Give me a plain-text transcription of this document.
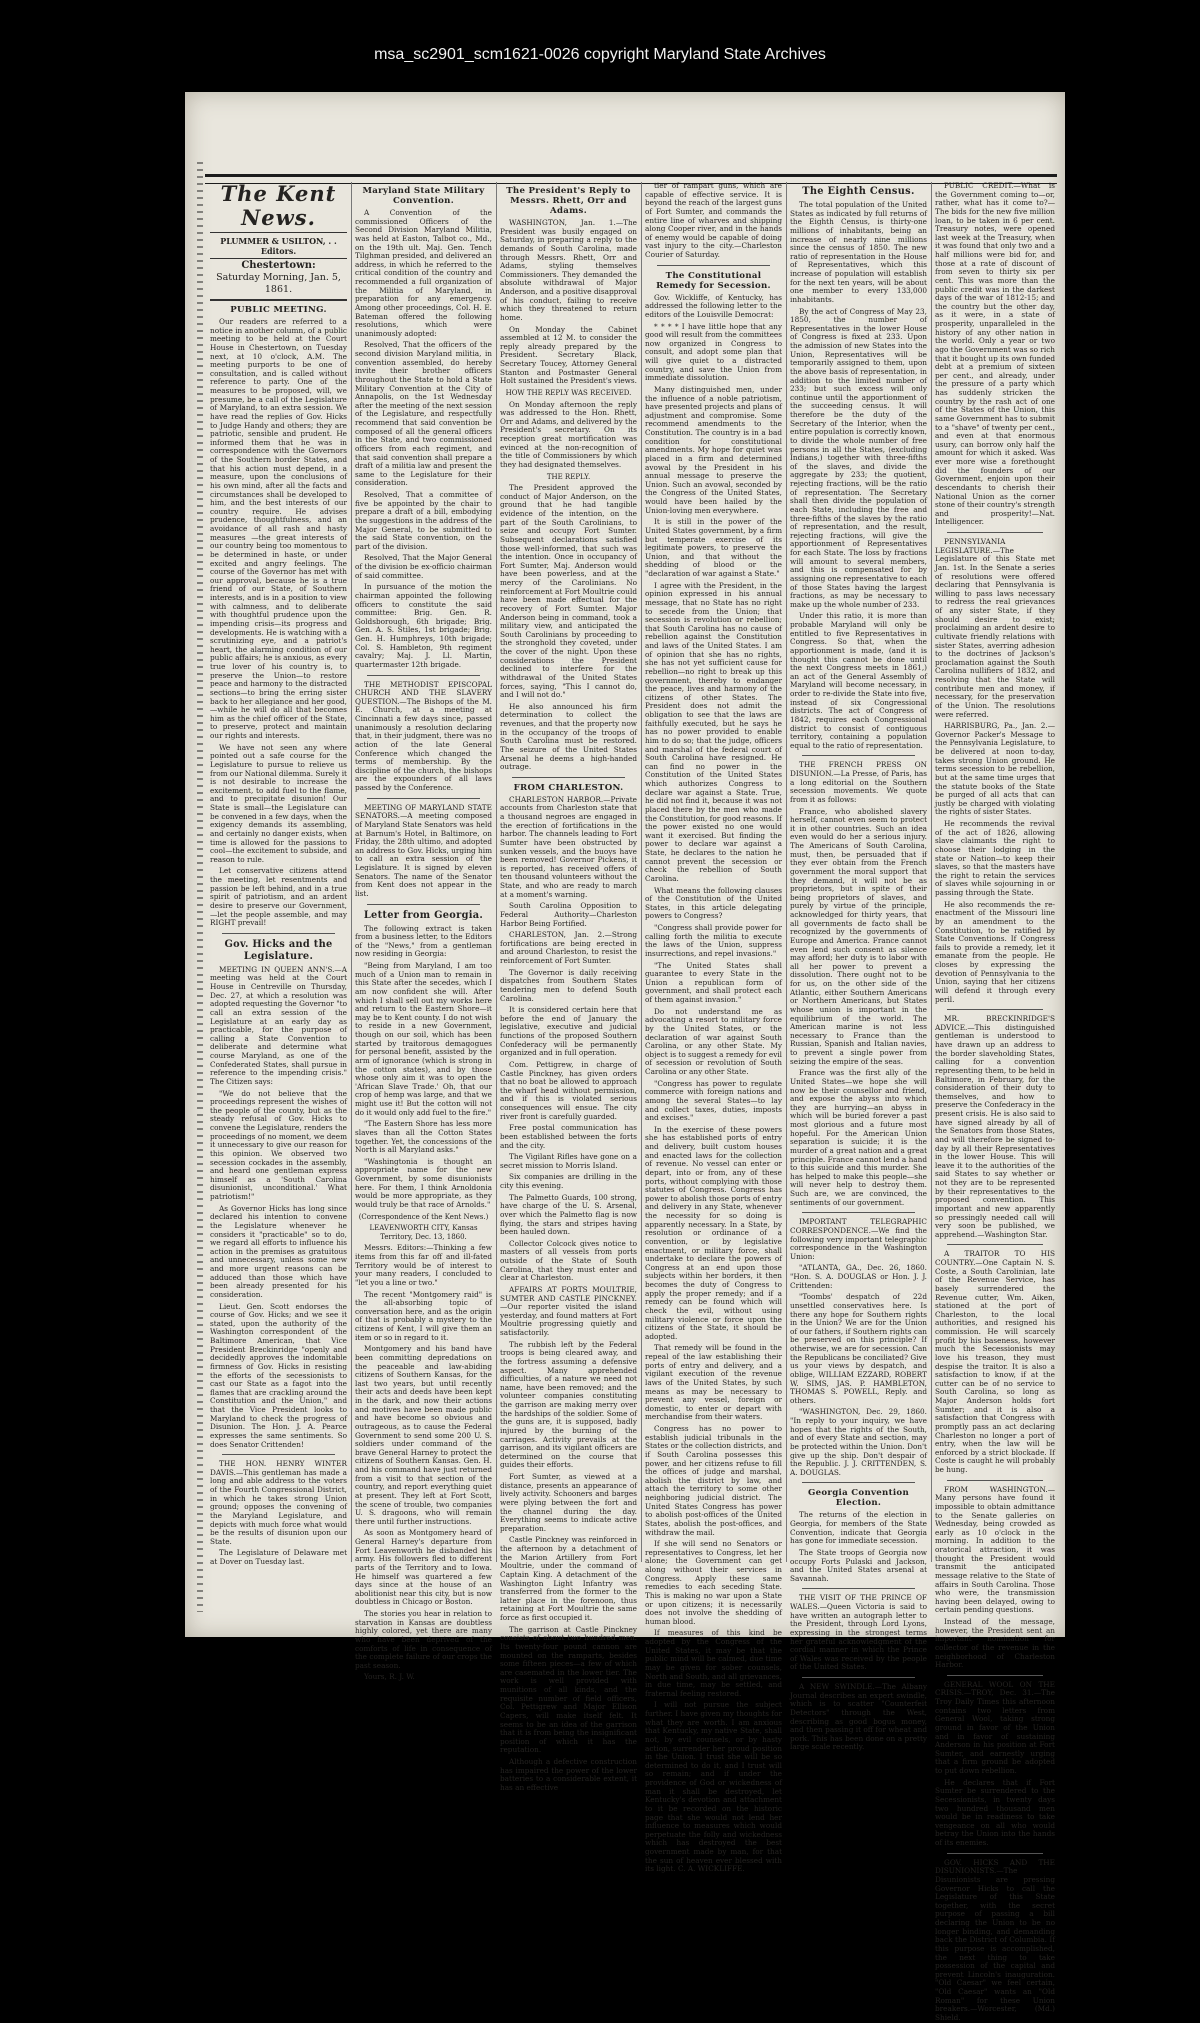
msa_sc2901_scm1621-0026 copyright Maryland State Archives
The Kent News.
PLUMMER & USILTON, . . Editors.
Chestertown:
Saturday Morning, Jan. 5, 1861.
PUBLIC MEETING.
Our readers are referred to a notice in another column, of a public meeting to be held at the Court House in Chestertown, on Tuesday next, at 10 o'clock, A.M. The meeting purports to be one of consultation, and is called without reference to party. One of the measures to be proposed, will, we presume, be a call of the Legislature of Maryland, to an extra session. We have read the replies of Gov. Hicks to Judge Handy and others; they are patriotic, sensible and prudent. He informed them that he was in correspondence with the Governors of the Southern border States, and that his action must depend, in a measure, upon the conclusions of his own mind, after all the facts and circumstances shall be developed to him, and the best interests of our country require. He advises prudence, thoughtfulness, and an avoidance of all rash and hasty measures —the great interests of our country being too momentous to be determined in haste, or under excited and angry feelings. The course of the Governor has met with our approval, because he is a true friend of our State, of Southern interests, and is in a position to view with calmness, and to deliberate with thoughtful prudence upon the impending crisis—its progress and developments. He is watching with a scrutinizing eye, and a patriot's heart, the alarming condition of our public affairs; he is anxious, as every true lover of his country is, to preserve the Union—to restore peace and harmony to the distracted sections—to bring the erring sister back to her allegiance and her good,—while he will do all that becomes him as the chief officer of the State, to preserve, protect and maintain our rights and interests.
We have not seen any where pointed out a safe course for the Legislature to pursue to relieve us from our National dilemma. Surely it is not desirable to increase the excitement, to add fuel to the flame, and to precipitate disunion! Our State is small—the Legislature can be convened in a few days, when the exigency demands its assembling, and certainly no danger exists, when time is allowed for the passions to cool—the excitement to subside, and reason to rule.
Let conservative citizens attend the meeting, let resentments and passion be left behind, and in a true spirit of patriotism, and an ardent desire to preserve our Government,—let the people assemble, and may RIGHT prevail!
Gov. Hicks and the Legislature.
MEETING IN QUEEN ANN'S.—A meeting was held at the Court House in Centreville on Thursday, Dec. 27, at which a resolution was adopted requesting the Governor "to call an extra session of the Legislature at an early day as practicable, for the purpose of calling a State Convention to deliberate and determine what course Maryland, as one of the Confederated States, shall pursue in reference to the impending crisis." The Citizen says:
"We do not believe that the proceedings represent the wishes of the people of the county, but as the steady refusal of Gov. Hicks to convene the Legislature, renders the proceedings of no moment, we deem it unnecessary to give our reason for this opinion. We observed two secession cockades in the assembly, and heard one gentleman express himself as a 'South Carolina disunionist, unconditional.' What patriotism!"
As Governor Hicks has long since declared his intention to convene the Legislature whenever he considers it "practicable" so to do, we regard all efforts to influence his action in the premises as gratuitous and unnecessary, unless some new and more urgent reasons can be adduced than those which have been already presented for his consideration.
Lieut. Gen. Scott endorses the course of Gov. Hicks; and we see it stated, upon the authority of the Washington correspondent of the Baltimore American, that Vice President Breckinridge "openly and decidedly approves the indomitable firmness of Gov. Hicks in resisting the efforts of the secessionists to cast our State as a fagot into the flames that are crackling around the Constitution and the Union," and that the Vice President looks to Maryland to check the progress of Disunion. The Hon. J. A. Pearce expresses the same sentiments. So does Senator Crittenden!
THE HON. HENRY WINTER DAVIS.—This gentleman has made a long and able address to the voters of the Fourth Congressional District, in which he takes strong Union ground; opposes the convening of the Maryland Legislature, and depicts with much force what would be the results of disunion upon our State.
The Legislature of Delaware met at Dover on Tuesday last.
Maryland State Military Convention.
A Convention of the commissioned Officers of the Second Division Maryland Militia, was held at Easton, Talbot co., Md., on the 19th ult. Maj. Gen. Tench Tilghman presided, and delivered an address, in which he referred to the critical condition of the country and recommended a full organization of the Militia of Maryland, in preparation for any emergency. Among other proceedings, Col. H. E. Bateman offered the following resolutions, which were unanimously adopted:
Resolved, That the officers of the second division Maryland militia, in convention assembled, do hereby invite their brother officers throughout the State to hold a State Military Convention at the City of Annapolis, on the 1st Wednesday after the meeting of the next session of the Legislature, and respectfully recommend that said convention be composed of all the general officers in the State, and two commissioned officers from each regiment, and that said convention shall prepare a draft of a militia law and present the same to the Legislature for their consideration.
Resolved, That a committee of five be appointed by the chair to prepare a draft of a bill, embodying the suggestions in the address of the Major General, to be submitted to the said State convention, on the part of the division.
Resolved, That the Major General of the division be ex-officio chairman of said committee.
In pursuance of the motion the chairman appointed the following officers to constitute the said committee: Brig. Gen. R. Goldsborough, 6th brigade; Brig. Gen. A. S. Stiles, 1st brigade; Brig. Gen. H. Humphreys, 10th brigade; Col. S. Hambleton, 9th regiment cavalry; Maj. J. Ll. Martin, quartermaster 12th brigade.
THE METHODIST EPISCOPAL CHURCH AND THE SLAVERY QUESTION.—The Bishops of the M. E. Church, at a meeting at Cincinnati a few days since, passed unanimously a resolution declaring that, in their judgment, there was no action of the late General Conference which changed the terms of membership. By the discipline of the church, the bishops are the expounders of all laws passed by the Conference.
MEETING OF MARYLAND STATE SENATORS.—A meeting composed of Maryland State Senators was held at Barnum's Hotel, in Baltimore, on Friday, the 28th ultimo, and adopted an address to Gov. Hicks, urging him to call an extra session of the Legislature. It is signed by eleven Senators. The name of the Senator from Kent does not appear in the list.
Letter from Georgia.
The following extract is taken from a business letter, to the Editors of the "News," from a gentleman now residing in Georgia:
"Being from Maryland, I am too much of a Union man to remain in this State after the secedes, which I am now confident she will. After which I shall sell out my works here and return to the Eastern Shore—it may be to Kent county. I do not wish to reside in a new Government, though on our soil, which has been started by traitorous demagogues for personal benefit, assisted by the arm of ignorance (which is strong in the cotton states), and by those whose only aim it was to open the 'African Slave Trade.' Oh, that our crop of hemp was large, and that we might use it! But the cotton will not do it would only add fuel to the fire."
"The Eastern Shore has less more slaves than all the Cotton States together. Yet, the concessions of the North is all Maryland asks."
"Washingtonia is thought an appropriate name for the new Government, by some disunionists here. For them, I think Arnoldonia would be more appropriate, as they would truly be that race of Arnolds."
(Correspondence of the Kent News.)
LEAVENWORTH CITY, Kansas Territory, Dec. 13, 1860.
Messrs. Editors:—Thinking a few items from this far off and ill-fated Territory would be of interest to your many readers, I concluded to "let you a line or two."
The recent "Montgomery raid" is the all-absorbing topic of conversation here, and as the origin of that is probably a mystery to the citizens of Kent, I will give them an item or so in regard to it.
Montgomery and his band have been committing depredations on the peaceable and law-abiding citizens of Southern Kansas, for the last two years, but until recently their acts and deeds have been kept in the dark, and now their actions and motives have been made public and have become so obvious and outrageous, as to cause the Federal Government to send some 200 U. S. soldiers under command of the brave General Harney to protect the citizens of Southern Kansas. Gen. H. and his command have just returned from a visit to that section of the country, and report everything quiet at present. They left at Fort Scott, the scene of trouble, two companies U. S. dragoons, who will remain there until further instructions.
As soon as Montgomery heard of General Harney's departure from Fort Leavenworth he disbanded his army. His followers fled to different parts of the Territory and to Iowa. He himself was quartered a few days since at the house of an abolitionist near this city, but is now doubtless in Chicago or Boston.
The stories you hear in relation to starvation in Kansas are doubtless highly colored, yet there are many who have been deprived of the comforts of life in consequence of the complete failure of our crops the past season.
Yours, R. J. W.
The President's Reply to Messrs. Rhett, Orr and Adams.
WASHINGTON, Jan. 1.—The President was busily engaged on Saturday, in preparing a reply to the demands of South Carolina, made through Messrs. Rhett, Orr and Adams, styling themselves Commissioners. They demanded the absolute withdrawal of Major Anderson, and a positive disapproval of his conduct, failing to receive which they threatened to return home.
On Monday the Cabinet assembled at 12 M. to consider the reply already prepared by the President. Secretary Black, Secretary Toucey, Attorney General Stanton and Postmaster General Holt sustained the President's views.
HOW THE REPLY WAS RECEIVED.
On Monday afternoon the reply was addressed to the Hon. Rhett, Orr and Adams, and delivered by the President's secretary. On its reception great mortification was evinced at the non-recognition of the title of Commissioners by which they had designated themselves.
THE REPLY.
The President approved the conduct of Major Anderson, on the ground that he had tangible evidence of the intention, on the part of the South Carolinians, to seize and occupy Fort Sumter. Subsequent declarations satisfied those well-informed, that such was the intention. Once in occupancy of Fort Sumter, Maj. Anderson would have been powerless, and at the mercy of the Carolinians. No reinforcement at Fort Moultrie could have been made effectual for the recovery of Fort Sumter. Major Anderson being in command, took a military view, and anticipated the South Carolinians by proceeding to the stronghold they coveted, under the cover of the night. Upon these considerations the President declined to interfere for the withdrawal of the United States forces, saying, "This I cannot do, and I will not do."
He also announced his firm determination to collect the revenues, and that the property now in the occupancy of the troops of South Carolina must be restored. The seizure of the United States Arsenal he deems a high-handed outrage.
FROM CHARLESTON.
CHARLESTON HARBOR.—Private accounts from Charleston state that a thousand negroes are engaged in the erection of fortifications in the harbor. The channels leading to Fort Sumter have been obstructed by sunken vessels, and the buoys have been removed! Governor Pickens, it is reported, has received offers of ten thousand volunteers without the State, and who are ready to march at a moment's warning.
South Carolina Opposition to Federal Authority—Charleston Harbor Being Fortified.
CHARLESTON, Jan. 2.—Strong fortifications are being erected in and around Charleston, to resist the reinforcement of Fort Sumter.
The Governor is daily receiving dispatches from Southern States tendering men to defend South Carolina.
It is considered certain here that before the end of January the legislative, executive and judicial functions of the proposed Southern Confederacy will be permanently organized and in full operation.
Com. Pettigrew, in charge of Castle Pinckney, has given orders that no boat be allowed to approach the wharf head without permission, and if this is violated serious consequences will ensue. The city river front is carefully guarded.
Free postal communication has been established between the forts and the city.
The Vigilant Rifles have gone on a secret mission to Morris Island.
Six companies are drilling in the city this evening.
The Palmetto Guards, 100 strong, have charge of the U. S. Arsenal, over which the Palmetto flag is now flying, the stars and stripes having been hauled down.
Collector Colcock gives notice to masters of all vessels from ports outside of the State of South Carolina, that they must enter and clear at Charleston.
AFFAIRS AT FORTS MOULTRIE, SUMTER AND CASTLE PINCKNEY.—Our reporter visited the island yesterday, and found matters at Fort Moultrie progressing quietly and satisfactorily.
The rubbish left by the Federal troops is being cleared away, and the fortress assuming a defensive aspect. Many apprehended difficulties, of a nature we need not name, have been removed; and the volunteer companies constituting the garrison are making merry over the hardships of the soldier. Some of the guns are, it is supposed, badly injured by the burning of the carriages. Activity prevails at the garrison, and its vigilant officers are determined on the course that guides their efforts.
Fort Sumter, as viewed at a distance, presents an appearance of lively activity. Schooners and barges were plying between the fort and the channel during the day. Everything seems to indicate active preparation.
Castle Pinckney was reinforced in the afternoon by a detachment of the Marion Artillery from Fort Moultrie, under the command of Captain King. A detachment of the Washington Light Infantry was transferred from the former to the latter place in the forenoon, thus retaining at Fort Moultrie the same force as first occupied it.
The garrison at Castle Pinckney consists of about two hundred men. Its twenty-four pound cannon are mounted on the ramparts, besides some fifteen pieces—a few of which are casemated in the lower tier. The work is well provided with munitions of all kinds, and the requisite number of field officers, Col. Pettigrew and Major Ellison Capers, will make itself felt. It seems to be an idea of the garrison that it is from being the insignificant position of which it has the reputation.
Although a defective construction has impaired the power of the lower batteries to a considerable extent, it has an effective
tier of rampart guns, which are capable of effective service. It is beyond the reach of the largest guns of Fort Sumter, and commands the entire line of wharves and shipping along Cooper river, and in the hands of enemy would be capable of doing vast injury to the city.—Charleston Courier of Saturday.
The Constitutional Remedy for Secession.
Gov. Wickliffe, of Kentucky, has addressed the following letter to the editors of the Louisville Democrat:
* * * * I have little hope that any good will result from the committees now organized in Congress to consult, and adopt some plan that will give quiet to a distracted country, and save the Union from immediate dissolution.
Many distinguished men, under the influence of a noble patriotism, have presented projects and plans of adjustment and compromise. Some recommend amendments to the Constitution. The country is in a bad condition for constitutional amendments. My hope for quiet was placed in a firm and determined avowal by the President in his annual message to preserve the Union. Such an avowal, seconded by the Congress of the United States, would have been hailed by the Union-loving men everywhere.
It is still in the power of the United States government, by a firm but temperate exercise of its legitimate powers, to preserve the Union, and that without the shedding of blood or the "declaration of war against a State."
I agree with the President, in the opinion expressed in his annual message, that no State has no right to secede from the Union; that secession is revolution or rebellion; that South Carolina has no cause of rebellion against the Constitution and laws of the United States. I am of opinion that she has no rights, she has not yet sufficient cause for rebellion—no right to break up this government, thereby to endanger the peace, lives and harmony of the citizens of other States. The President does not admit the obligation to see that the laws are faithfully executed, but he says he has no power provided to enable him to do so; that the judge, officers and marshal of the federal court of South Carolina have resigned. He can find no power in the Constitution of the United States which authorizes Congress to declare war against a State. True, he did not find it, because it was not placed there by the men who made the Constitution, for good reasons. If the power existed no one would want it exercised. But finding the power to declare war against a State, he declares to the nation he cannot prevent the secession or check the rebellion of South Carolina.
What means the following clauses of the Constitution of the United States, in this article delegating powers to Congress?
"Congress shall provide power for calling forth the militia to execute the laws of the Union, suppress insurrections, and repel invasions."
"The United States shall guarantee to every State in the Union a republican form of government, and shall protect each of them against invasion."
Do not understand me as advocating a resort to military force by the United States, or the declaration of war against South Carolina, or any other State. My object is to suggest a remedy for evil of secession or revolution of South Carolina or any other State.
"Congress has power to regulate commerce with foreign nations and among the several States—to lay and collect taxes, duties, imposts and excises."
In the exercise of these powers she has established ports of entry and delivery, built custom houses and enacted laws for the collection of revenue. No vessel can enter or depart, into or from, any of these ports, without complying with those statutes of Congress. Congress has power to abolish those ports of entry and delivery in any State, whenever the necessity for so doing is apparently necessary. In a State, by resolution or ordinance of a convention, or by legislative enactment, or military force, shall undertake to declare the powers of Congress at an end upon those subjects within her borders, it then becomes the duty of Congress to apply the proper remedy; and if a remedy can be found which will check the evil, without using military violence or force upon the citizens of the State, it should be adopted.
That remedy will be found in the repeal of the law establishing their ports of entry and delivery, and a vigilant execution of the revenue laws of the United States, by such means as may be necessary to prevent any vessel, foreign or domestic, to enter or depart with merchandise from their waters.
Congress has no power to establish judicial tribunals in the States or the collection districts, and if South Carolina possesses this power, and her citizens refuse to fill the offices of judge and marshal, abolish the district by law, and attach the territory to some other neighboring judicial district. The United States Congress has power to abolish post-offices of the United States, abolish the post-offices, and withdraw the mail.
If she will send no Senators or representatives to Congress, let her alone; the Government can get along without their services in Congress. Apply these same remedies to each seceding State. This is making no war upon a State or upon citizens; it is necessarily does not involve the shedding of human blood.
If measures of this kind be adopted by the Congress of the United States, it may be that the public mind will be calmed, due time may be given for sober counsels, North and South, and all grievances, in due time, may be settled, and fraternal feeling restored.
I will not pursue the subject further. I have given my thoughts for what they are worth. I am anxious that Kentucky, my native State, shall not, by evil counsels, or by hasty action, surrender her proud position in the Union. I trust she will be so determined to do it, and I trust will so remain; and if under the providence of God or wickedness of man it shall be destroyed, let Kentucky's devotion and attachment to it be recorded on the historic page that she would not lend her influence to measures which would perpetuate the folly and wickedness which has destroyed the best government made by man, for that the sun of heaven ever blessed with its light. C. A. WICKLIFFE.
The Eighth Census.
The total population of the United States as indicated by full returns of the Eighth Census, is thirty-one millions of inhabitants, being an increase of nearly nine millions since the census of 1850. The new ratio of representation in the House of Representatives, which this increase of population will establish for the next ten years, will be about one member to every 133,000 inhabitants.
By the act of Congress of May 23, 1850, the number of Representatives in the lower House of Congress is fixed at 233. Upon the admission of new States into the Union, Representatives will be temporarily assigned to them, upon the above basis of representation, in addition to the limited number of 233; but such excess will only continue until the apportionment of the succeeding census. It will therefore be the duty of the Secretary of the Interior, when the entire population is correctly known, to divide the whole number of free persons in all the States, (excluding Indians,) together with three-fifths of the slaves, and divide the aggregate by 233; the quotient, rejecting fractions, will be the ratio of representation. The Secretary shall then divide the population of each State, including the free and three-fifths of the slaves by the ratio of representation, and the result, rejecting fractions, will give the apportionment of Representatives for each State. The loss by fractions will amount to several members, and this is compensated for by assigning one representative to each of those States having the largest fractions, as may be necessary to make up the whole number of 233.
Under this ratio, it is more than probable Maryland will only be entitled to five Representatives in Congress. So that, when the apportionment is made, (and it is thought this cannot be done until the next Congress meets in 1861,) an act of the General Assembly of Maryland will become necessary, in order to re-divide the State into five, instead of six Congressional districts. The act of Congress of 1842, requires each Congressional district to consist of contiguous territory, containing a population equal to the ratio of representation.
THE FRENCH PRESS ON DISUNION.—La Presse, of Paris, has a long editorial on the Southern secession movements. We quote from it as follows:
France, who abolished slavery herself, cannot even seem to protect it in other countries. Such an idea even would do her a serious injury. The Americans of South Carolina, must, then, be persuaded that if they ever obtain from the French government the moral support that they demand, it will not be as proprietors, but in spite of their being proprietors of slaves, and purely by virtue of the principle, acknowledged for thirty years, that all governments de facto shall be recognized by the governments of Europe and America. France cannot even lend such consent as silence may afford; her duty is to labor with all her power to prevent a dissolution. There ought not to be for us, on the other side of the Atlantic, either Southern Americans or Northern Americans, but States whose union is important in the equilibrium of the world. The American marine is not less necessary to France than the Russian, Spanish and Italian navies, to prevent a single power from seizing the empire of the seas.
France was the first ally of the United States—we hope she will now be their counsellor and friend, and expose the abyss into which they are hurrying—an abyss in which will be buried forever a past most glorious and a future most hopeful. For the American Union separation is suicide; it is the murder of a great nation and a great principle. France cannot lend a hand to this suicide and this murder. She has helped to make this people—she will never help to destroy them. Such are, we are convinced, the sentiments of our government.
IMPORTANT TELEGRAPHIC CORRESPONDENCE.—We find the following very important telegraphic correspondence in the Washington Union:
"ATLANTA, GA., Dec. 26, 1860. "Hon. S. A. DOUGLAS or Hon. J. J. Crittenden:
"Toombs' despatch of 22d unsettled conservatives here. Is there any hope for Southern rights in the Union? We are for the Union of our fathers, if Southern rights can be preserved on this principle? If otherwise, we are for secession. Can the Republicans be conciliated? Give us your views by despatch, and oblige, WILLIAM EZZARD, ROBERT W. SIMS, JAS. P. HAMBLETON, THOMAS S. POWELL, Reply. and others.
"WASHINGTON, Dec. 29, 1860. "In reply to your inquiry, we have hopes that the rights of the South, and of every State and section, may be protected within the Union. Don't give up the ship. Don't despair of the Republic. J. J. CRITTENDEN, S. A. DOUGLAS.
Georgia Convention Election.
The returns of the election in Georgia, for members of the State Convention, indicate that Georgia has gone for immediate secession.
The State troops of Georgia now occupy Forts Pulaski and Jackson, and the United States arsenal at Savannah.
THE VISIT OF THE PRINCE OF WALES.—Queen Victoria is said to have written an autograph letter to the President, through Lord Lyons, expressing in the strongest terms her grateful acknowledgment of the cordial manner in which the Prince of Wales was received by the people of the United States.
A NEW SWINDLE.—The Albany Journal describes an expert swindle, which is to scatter "Counterfeit Detectors" through the West, describing as good bogus money, and then passing it off for wheat and pork. This has been done on a pretty large scale recently.
PUBLIC CREDIT.—What is the Government coming to—or, rather, what has it come to?—The bids for the new five million loan, to be taken in 6 per cent. Treasury notes, were opened last week at the Treasury, when it was found that only two and a half millions were bid for, and those at a rate of discount of from seven to thirty six per cent. This was more than the public credit was in the darkest days of the war of 1812-15; and the country but the other day, as it were, in a state of prosperity, unparalleled in the history of any other nation in the world. Only a year or two ago the Government was so rich that it bought up its own funded debt at a premium of sixteen per cent., and already, under the pressure of a party which has suddenly stricken the country by the rash act of one of the States of the Union, this same Government has to submit to a "shave" of twenty per cent., and even at that enormous usury, can borrow only half the amount for which it asked. Was ever more wise a forethought did the founders of our Government, enjoin upon their descendants to cherish their National Union as the corner stone of their country's strength and prosperity!—Nat. Intelligencer.
PENNSYLVANIA LEGISLATURE.—The Legislature of this State met Jan. 1st. In the Senate a series of resolutions were offered declaring that Pennsylvania is willing to pass laws necessary to redress the real grievances of any sister State, if they should desire to exist; proclaiming an ardent desire to cultivate friendly relations with sister States, averring adhesion to the doctrines of Jackson's proclamation against the South Carolina nullifiers of 1832, and resolving that the State will contribute men and money, if necessary, for the preservation of the Union. The resolutions were referred.
HARRISBURG, Pa., Jan. 2.—Governor Packer's Message to the Pennsylvania Legislature, to be delivered at noon to-day, takes strong Union ground. He terms secession to be rebellion, but at the same time urges that the statute books of the State be purged of all acts that can justly be charged with violating the rights of sister States.
He recommends the revival of the act of 1826, allowing slave claimants the right to choose their lodging in the state or Nation—to keep their slaves, so that the masters have the right to retain the services of slaves while sojourning in or passing through the State.
He also recommends the re-enactment of the Missouri line by an amendment to the Constitution, to be ratified by State Conventions. If Congress fails to provide a remedy, let it emanate from the people. He closes by expressing the devotion of Pennsylvania to the Union, saying that her citizens will defend it through every peril.
MR. BRECKINRIDGE'S ADVICE.—This distinguished gentleman is understood to have drawn up an address to the border slaveholding States, calling for a convention representing them, to be held in Baltimore, in February, for the consideration of their duty to themselves, and how to preserve the Confederacy in the present crisis. He is also said to have signed already by all of the Senators from those States, and will therefore be signed to-day by all their Representatives in the lower House. This will leave it to the authorities of the said States to say whether or not they are to be represented by their representatives to the proposed convention. This important and new apparently so pressingly needed call will very soon be published, we apprehend.—Washington Star.
A TRAITOR TO HIS COUNTRY.—One Captain N. S. Coste, a South Carolinian, late of the Revenue Service, has basely surrendered the Revenue cutter, Wm. Aiken, stationed at the port of Charleston, to the local authorities, and resigned his commission. He will scarcely profit by his baseness, however much the Secessionists may love his treason, they must despise the traitor. It is also a satisfaction to know, if at the cutter can be of no service to South Carolina, so long as Major Anderson holds fort Sumter; and it is also a satisfaction that Congress with promptly pass an act declaring Charleston no longer a port of entry, when the law will be enforced by a strict blockade. If Coste is caught he will probably be hung.
FROM WASHINGTON.—Many persons have found it impossible to obtain admittance to the Senate galleries on Wednesday, being crowded as early as 10 o'clock in the morning. In addition to the oratorical attraction, it was thought the President would transmit the anticipated message relative to the State of affairs in South Carolina. Those who were, the transmission having been delayed, owing to certain pending questions.
Instead of the message, however, the President sent an important nomination for collector of the revenue in the neighborhood of Charleston Harbor.
GENERAL WOOL ON THE CRISIS.—TROY, Dec. 31.—The Troy Daily Times this afternoon contains two letters from General Wool, taking strong ground in favor of the Union and in favor of sustaining Anderson in his position at Fort Sumter, and earnestly urging that a firm ground be adopted to put down rebellion.
He declares that if Fort Sumter be surrendered to the Secessionists, in twenty days two hundred thousand men would be in readiness to take vengeance on all who would betray the Union into the hands of its enemies.
GOV. HICKS AND THE DISUNIONISTS.—The Disunionists are pressing Governor Hicks to call the Legislature of this State together, with the secret purpose of passing a bill declaring the Union to be no longer binding, and demanding back the District of Columbia. If this purpose is accomplished, the next thing to take possession of the capital and prevent Lincoln's inauguration. "Old Caesar" we feel certain, "Old Caesar" wants an "Old Roman" for these Union breakers.—Worcester, (Md.) Shield.
